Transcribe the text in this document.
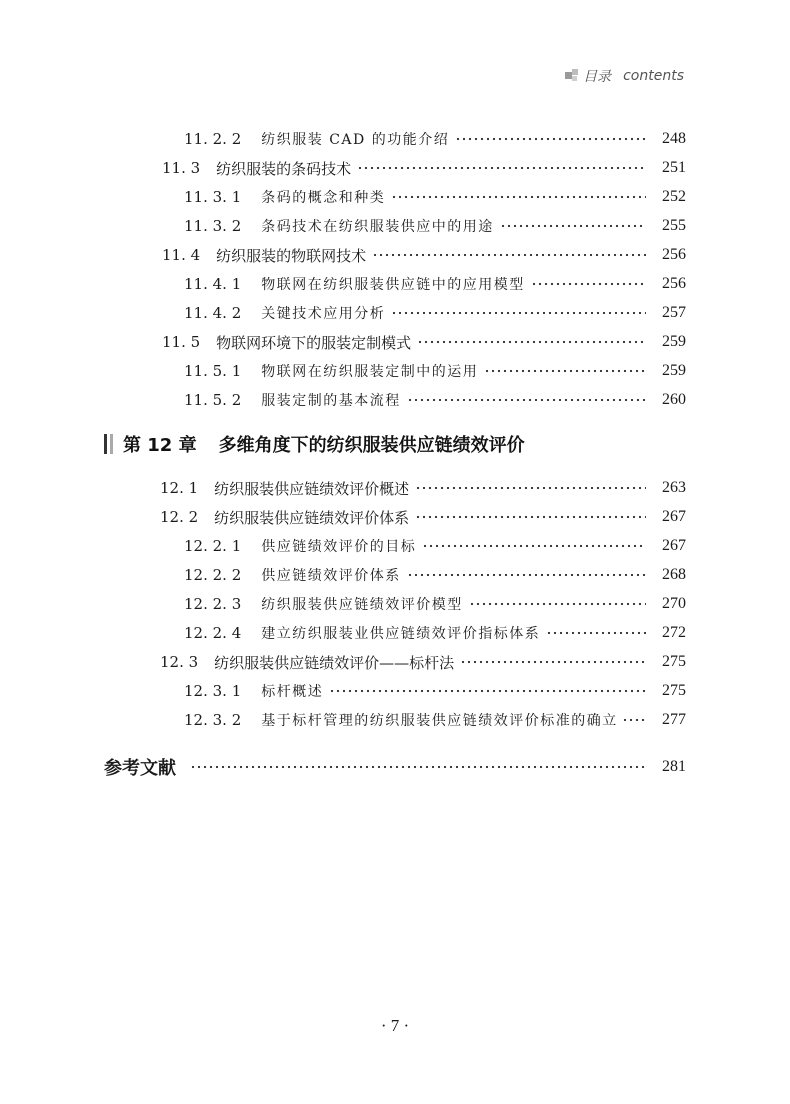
目录 contents
11. 2. 2 纺织服装 CAD 的功能介绍	248
11. 3 纺织服装的条码技术	251
11. 3. 1 条码的概念和种类	252
11. 3. 2 条码技术在纺织服装供应中的用途	255
11. 4 纺织服装的物联网技术	256
11. 4. 1 物联网在纺织服装供应链中的应用模型	256
11. 4. 2 关键技术应用分析	257
11. 5 物联网环境下的服装定制模式	259
11. 5. 1 物联网在纺织服装定制中的运用	259
11. 5. 2 服装定制的基本流程	260
第 12 章 多维角度下的纺织服装供应链绩效评价
12. 1 纺织服装供应链绩效评价概述	263
12. 2 纺织服装供应链绩效评价体系	267
12. 2. 1 供应链绩效评价的目标	267
12. 2. 2 供应链绩效评价体系	268
12. 2. 3 纺织服装供应链绩效评价模型	270
12. 2. 4 建立纺织服装业供应链绩效评价指标体系	272
12. 3 纺织服装供应链绩效评价——标杆法	275
12. 3. 1 标杆概述	275
12. 3. 2 基于标杆管理的纺织服装供应链绩效评价标准的确立	277
参考文献	281
· 7 ·
